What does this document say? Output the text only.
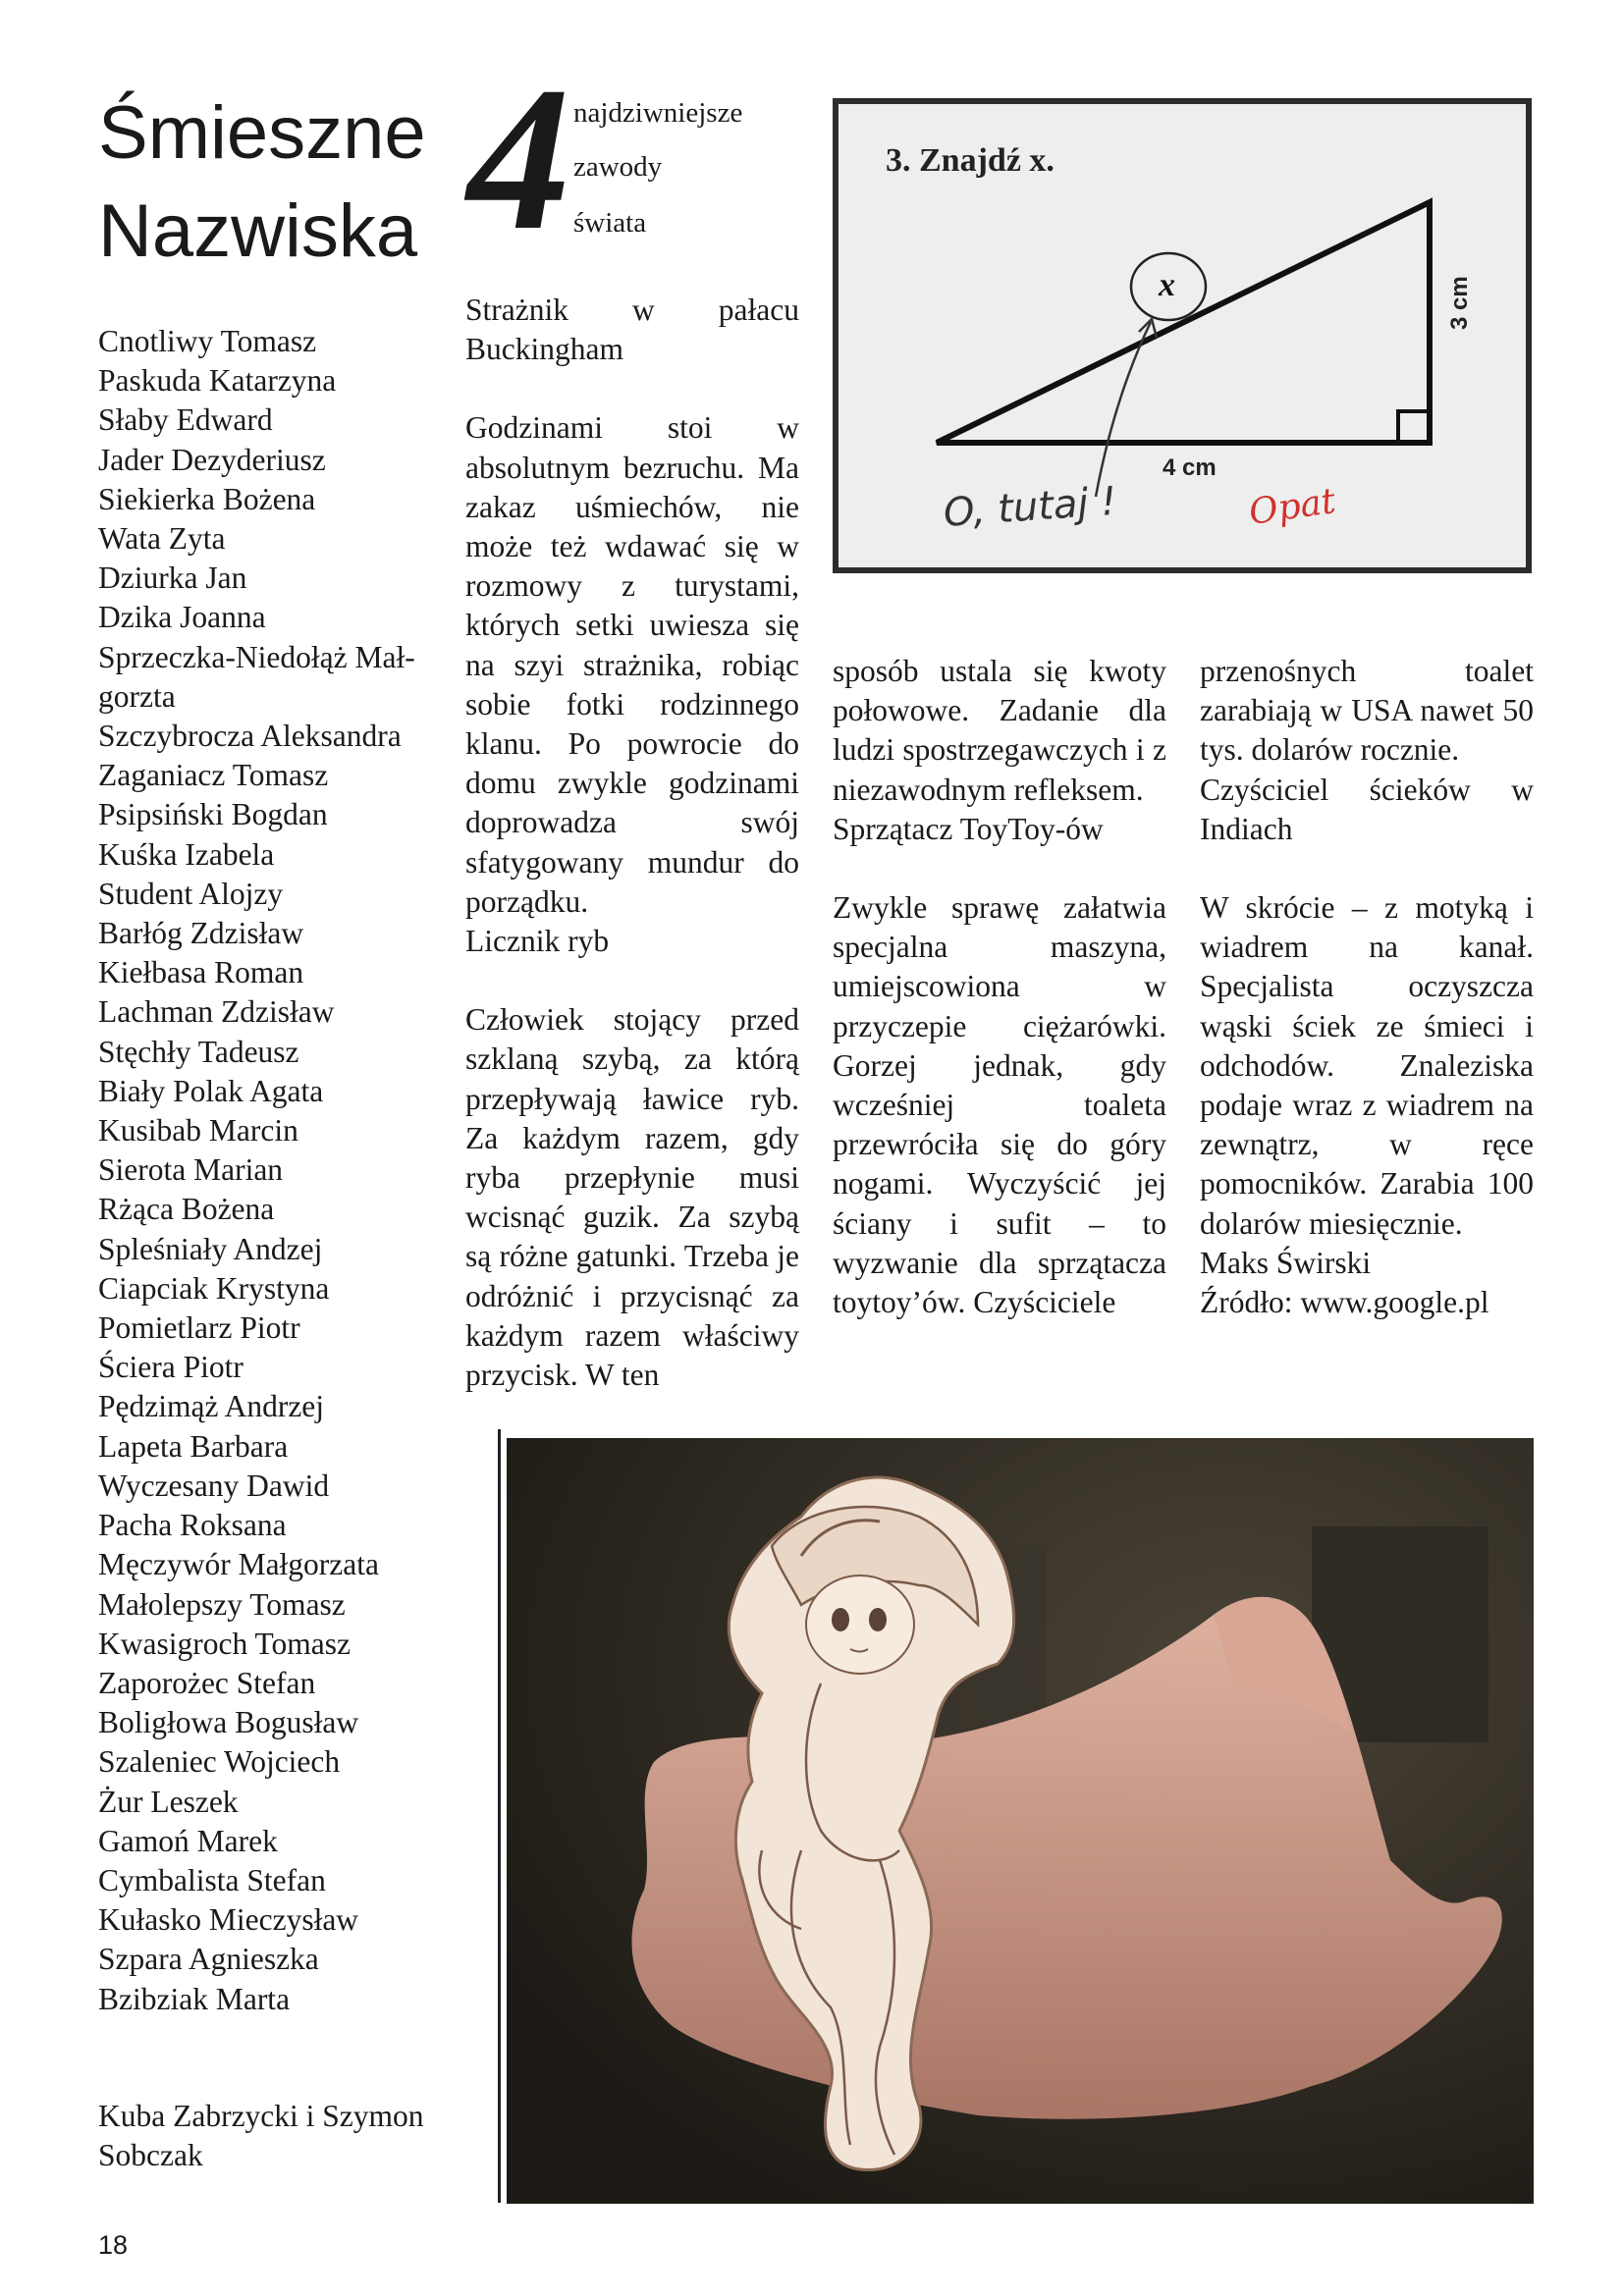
Śmieszne
Nazwiska
Cnotliwy Tomasz
Paskuda Katarzyna
Słaby Edward
Jader Dezyderiusz
Siekierka Bożena
Wata Zyta
Dziurka Jan
Dzika Joanna
Sprzeczka-Niedołąż Mał-
gorzta
Szczybrocza Aleksandra
Zaganiacz Tomasz
Psipsiński Bogdan
Kuśka Izabela
Student Alojzy
Barłóg Zdzisław
Kiełbasa Roman
Lachman Zdzisław
Stęchły Tadeusz
Biały Polak Agata
Kusibab Marcin
Sierota Marian
Rżąca Bożena
Spleśniały Andzej
Ciapciak Krystyna
Pomietlarz Piotr
Ściera Piotr
Pędzimąż Andrzej
Lapeta Barbara
Wyczesany Dawid
Pacha Roksana
Męczywór Małgorzata
Małolepszy Tomasz
Kwasigroch Tomasz
Zaporożec Stefan
Boligłowa Bogusław
Szaleniec Wojciech
Żur Leszek
Gamoń Marek
Cymbalista Stefan
Kułasko Mieczysław
Szpara Agnieszka
Bzibziak Marta
Kuba Zabrzycki i Szymon
Sobczak
18
4 najdziwniejsze
zawody
świata

Strażnik w pałacu Buckingham

Godzinami stoi w absolutnym bezruchu. Ma zakaz uśmiechów, nie może też wdawać się w rozmowy z turystami, których setki uwiesza się na szyi strażnika, robiąc sobie fotki rodzinnego klanu. Po powrocie do domu zwykle godzinami doprowadza swój sfatygowany mundur do porządku.

Licznik ryb

Człowiek stojący przed szklaną szybą, za którą przepływają ławice ryb. Za każdym razem, gdy ryba przepłynie musi wcisnąć guzik. Za szybą są różne gatunki. Trzeba je odróżnić i przycisnąć za każdym razem właściwy przycisk. W ten

sposób ustala się kwoty połowowe. Zadanie dla ludzi spostrzegawczych i z niezawodnym refleksem.

Sprzątacz ToyToy-ów

Zwykle sprawę załatwia specjalna maszyna, umiejscowiona w przyczepie ciężarówki. Gorzej jednak, gdy wcześniej toaleta przewróciła się do góry nogami. Wyczyścić jej ściany i sufit – to wyzwanie dla sprzątacza toytoy’ów. Czyściciele

przenośnych toalet zarabiają w USA nawet 50 tys. dolarów rocznie.

Czyściciel ścieków w Indiach

W skrócie – z motyką i wiadrem na kanał. Specjalista oczyszcza wąski ściek ze śmieci i odchodów. Znaleziska podaje wraz z wiadrem na zewnątrz, w ręce pomocników. Zarabia 100 dolarów miesięcznie.

Maks Świrski

Źródło: www.google.pl

3. Znajdź x.
x	3 cm
4 cm
O, tutaj !	Opat
